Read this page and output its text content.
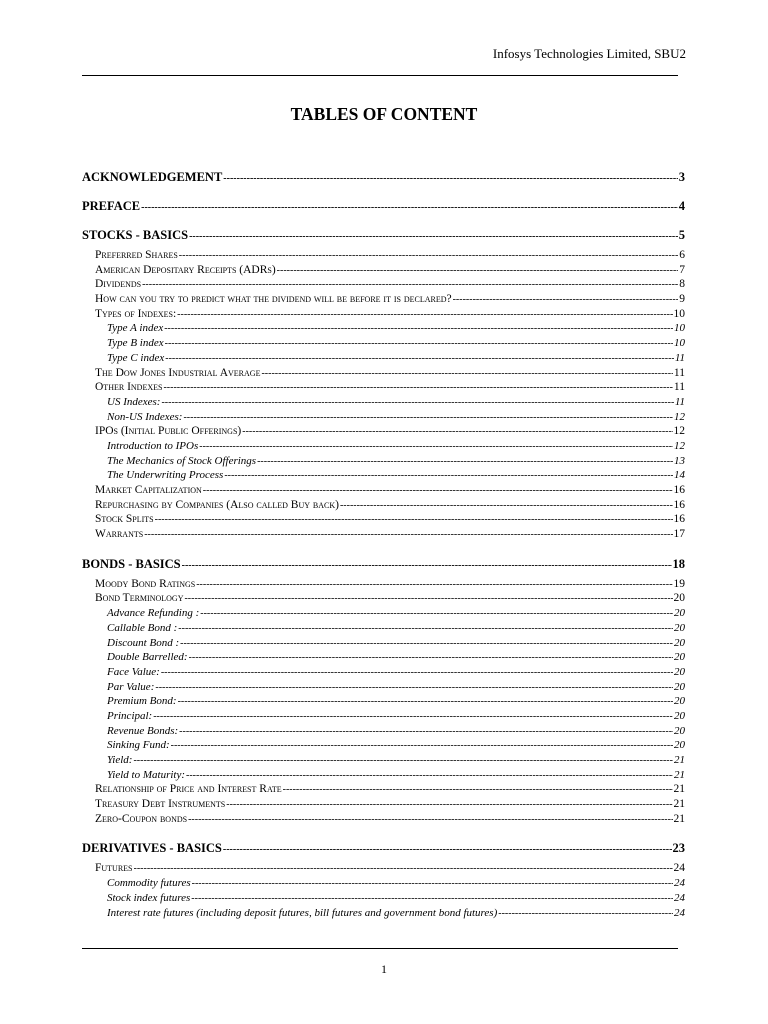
Infosys Technologies Limited, SBU2
TABLES OF CONTENT
ACKNOWLEDGEMENT -----	3
PREFACE -----	4
STOCKS - BASICS -----	5
Preferred Shares -----	6
American Depositary Receipts (ADRs) -----	7
Dividends -----	8
How can you try to predict what the dividend will be before it is declared? -----	9
Types of Indexes: -----	10
Type A index -----	10
Type B index -----	10
Type C index -----	11
The Dow Jones Industrial Average -----	11
Other Indexes -----	11
US Indexes: -----	11
Non-US Indexes: -----	12
IPOs (Initial Public Offerings) -----	12
Introduction to IPOs -----	12
The Mechanics of Stock Offerings -----	13
The Underwriting Process -----	14
Market Capitalization -----	16
Repurchasing by Companies (Also called Buy back) -----	16
Stock Splits -----	16
Warrants -----	17
BONDS - BASICS -----	18
Moody Bond Ratings -----	19
Bond Terminology -----	20
Advance Refunding : -----	20
Callable Bond : -----	20
Discount Bond : -----	20
Double Barrelled: -----	20
Face Value: -----	20
Par Value: -----	20
Premium Bond: -----	20
Principal: -----	20
Revenue Bonds: -----	20
Sinking Fund: -----	20
Yield: -----	21
Yield to Maturity: -----	21
Relationship of Price and Interest Rate -----	21
Treasury Debt Instruments -----	21
Zero-Coupon bonds -----	21
DERIVATIVES - BASICS -----	23
Futures -----	24
Commodity futures -----	24
Stock index futures -----	24
Interest rate futures (including deposit futures, bill futures and government bond futures) -----	24
1
